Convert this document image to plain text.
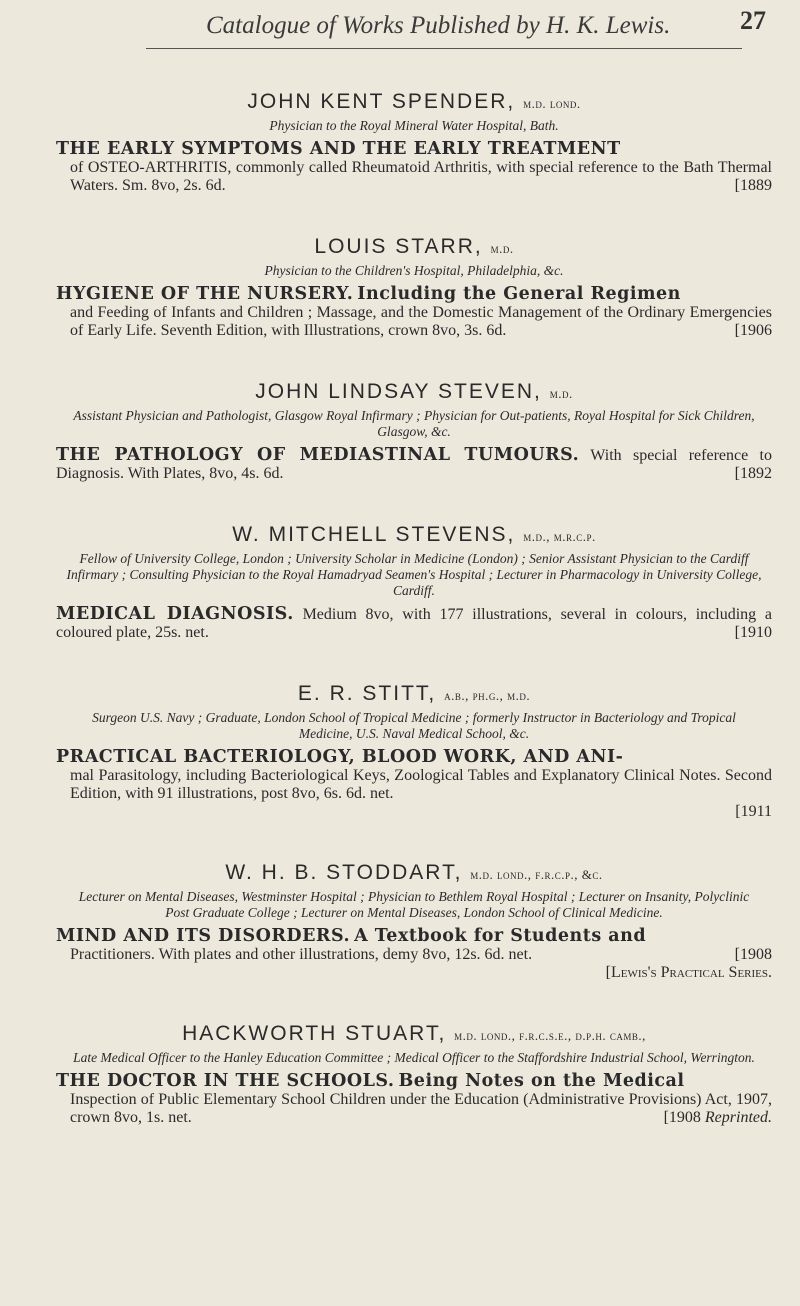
Catalogue of Works Published by H. K. Lewis.	27

JOHN KENT SPENDER, m.d. lond.

Physician to the Royal Mineral Water Hospital, Bath.

THE EARLY SYMPTOMS AND THE EARLY TREATMENT
of OSTEO-ARTHRITIS, commonly called Rheumatoid Arthritis, with special reference to the Bath Thermal Waters. Sm. 8vo, 2s. 6d.	[1889

LOUIS STARR, m.d.

Physician to the Children's Hospital, Philadelphia, &c.

HYGIENE OF THE NURSERY. Including the General Regimen
and Feeding of Infants and Children ; Massage, and the Domestic Management of the Ordinary Emergencies of Early Life. Seventh Edition, with Illustrations, crown 8vo, 3s. 6d.	[1906

JOHN LINDSAY STEVEN, m.d.

Assistant Physician and Pathologist, Glasgow Royal Infirmary ; Physician for Out-patients, Royal Hospital for Sick Children, Glasgow, &c.

THE PATHOLOGY OF MEDIASTINAL TUMOURS. With special reference to Diagnosis. With Plates, 8vo, 4s. 6d.	[1892

W. MITCHELL STEVENS, m.d., m.r.c.p.

Fellow of University College, London ; University Scholar in Medicine (London) ; Senior Assistant Physician to the Cardiff Infirmary ; Consulting Physician to the Royal Hamadryad Seamen's Hospital ; Lecturer in Pharmacology in University College, Cardiff.

MEDICAL DIAGNOSIS. Medium 8vo, with 177 illustrations, several in colours, including a coloured plate, 25s. net.	[1910

E. R. STITT, a.b., ph.g., m.d.

Surgeon U.S. Navy ; Graduate, London School of Tropical Medicine ; formerly Instructor in Bacteriology and Tropical Medicine, U.S. Naval Medical School, &c.

PRACTICAL BACTERIOLOGY, BLOOD WORK, AND ANI-
mal Parasitology, including Bacteriological Keys, Zoological Tables and Explanatory Clinical Notes. Second Edition, with 91 illustrations, post 8vo, 6s. 6d. net.
[1911

W. H. B. STODDART, m.d. lond., f.r.c.p., &c.

Lecturer on Mental Diseases, Westminster Hospital ; Physician to Bethlem Royal Hospital ; Lecturer on Insanity, Polyclinic Post Graduate College ; Lecturer on Mental Diseases, London School of Clinical Medicine.

MIND AND ITS DISORDERS. A Textbook for Students and
Practitioners. With plates and other illustrations, demy 8vo, 12s. 6d. net.	[1908
[Lewis's Practical Series.

HACKWORTH STUART, m.d. lond., f.r.c.s.e., d.p.h. camb.,

Late Medical Officer to the Hanley Education Committee ; Medical Officer to the Staffordshire Industrial School, Werrington.

THE DOCTOR IN THE SCHOOLS. Being Notes on the Medical
Inspection of Public Elementary School Children under the Education (Administrative Provisions) Act, 1907, crown 8vo, 1s. net.	[1908 Reprinted.
